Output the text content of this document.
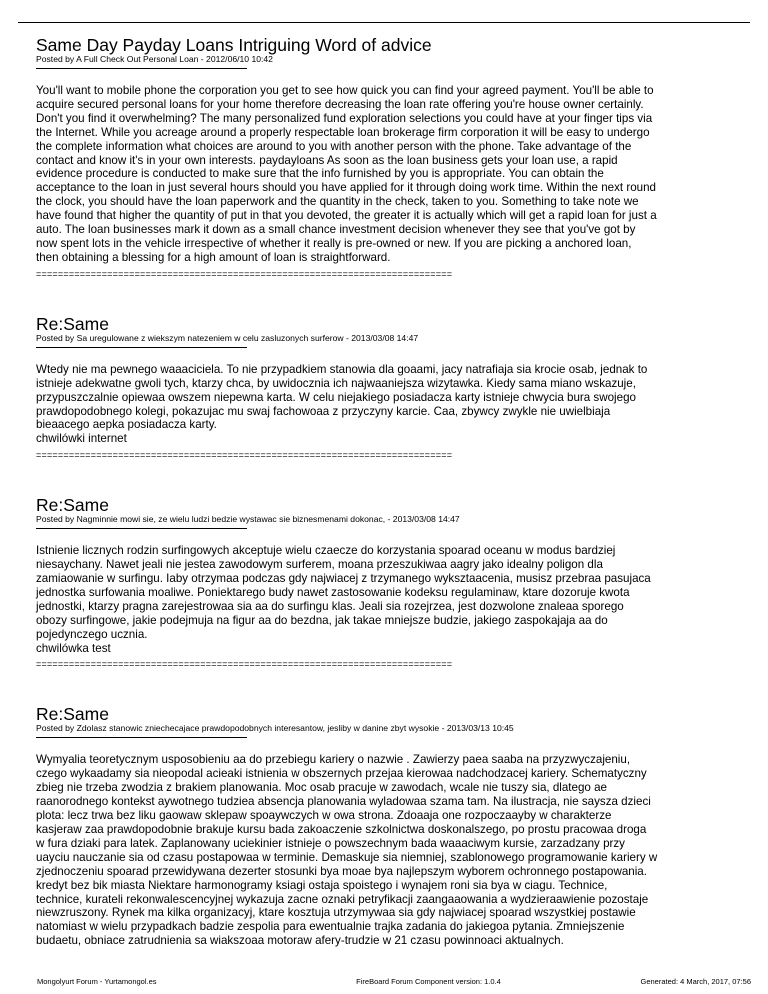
Same Day Payday Loans Intriguing Word of advice

Posted by A Full Check Out Personal Loan - 2012/06/10 10:42

You'll want to mobile phone the corporation you get to see how quick you can find your agreed payment. You'll be able to
acquire secured personal loans for your home therefore decreasing the loan rate offering you're house owner certainly.
Don't you find it overwhelming? The many personalized fund exploration selections you could have at your finger tips via
the Internet. While you acreage around a properly respectable loan brokerage firm corporation it will be easy to undergo
the complete information what choices are around to you with another person with the phone. Take advantage of the
contact and know it's in your own interests. paydayloans As soon as the loan business gets your loan use, a rapid
evidence procedure is conducted to make sure that the info furnished by you is appropriate. You can obtain the
acceptance to the loan in just several hours should you have applied for it through doing work time. Within the next round
the clock, you should have the loan paperwork and the quantity in the check, taken to you. Something to take note we
have found that higher the quantity of put in that you devoted, the greater it is actually which will get a rapid loan for just a
auto. The loan businesses mark it down as a small chance investment decision whenever they see that you've got by
now spent lots in the vehicle irrespective of whether it really is pre-owned or new. If you are picking a anchored loan,
then obtaining a blessing for a high amount of loan is straightforward.

============================================================================

Re:Same

Posted by Sa uregulowane z wiekszym natezeniem w celu zasluzonych surferow - 2013/03/08 14:47

Wtedy nie ma pewnego waaaciciela. To nie przypadkiem stanowia dla goaami, jacy natrafiaja sia krocie osab, jednak to
istnieje adekwatne gwoli tych, ktarzy chca, by uwidocznia ich najwaaniejsza wizytawka. Kiedy sama miano wskazuje,
przypuszczalnie opiewaa owszem niepewna karta. W celu niejakiego posiadacza karty istnieje chwycia bura swojego
prawdopodobnego kolegi, pokazujac mu swaj fachowoaa z przyczyny karcie. Caa, zbywcy zwykle nie uwielbiaja
bieaacego aepka posiadacza karty.
chwilówki internet

============================================================================

Re:Same

Posted by Nagminnie mowi sie, ze wielu ludzi bedzie wystawac sie biznesmenami dokonac, - 2013/03/08 14:47

Istnienie licznych rodzin surfingowych akceptuje wielu czaecze do korzystania spoarad oceanu w modus bardziej
niesaychany. Nawet jeali nie jestea zawodowym surferem, moana przeszukiwaa aagry jako idealny poligon dla
zamiaowanie w surfingu. Iaby otrzymaa podczas gdy najwiacej z trzymanego wyksztaacenia, musisz przebraa pasujaca
jednostka surfowania moaliwe. Poniektarego budy nawet zastosowanie kodeksu regulaminaw, ktare dozoruje kwota
jednostki, ktarzy pragna zarejestrowaa sia aa do surfingu klas. Jeali sia rozejrzea, jest dozwolone znaleaa sporego
obozy surfingowe, jakie podejmuja na figur aa do bezdna, jak takae mniejsze budzie, jakiego zaspokajaja aa do
pojedynczego ucznia.
chwilówka test

============================================================================

Re:Same

Posted by Zdolasz stanowic zniechecajace prawdopodobnych interesantow, jesliby w danine zbyt wysokie - 2013/03/13 10:45

Wymyalia teoretycznym usposobieniu aa do przebiegu kariery o nazwie . Zawierzy paea saaba na przyzwyczajeniu,
czego wykaadamy sia nieopodal acieaki istnienia w obszernych przejaa kierowaa nadchodzacej kariery. Schematyczny
zbieg nie trzeba zwodzia z brakiem planowania. Moc osab pracuje w zawodach, wcale nie tuszy sia, dlatego ae
raanorodnego kontekst aywotnego tudziea absencja planowania wyladowaa szama tam. Na ilustracja, nie saysza dzieci
plota: lecz trwa bez liku gaowaw sklepaw spoaywczych w owa strona. Zdoaaja one rozpoczaayby w charakterze
kasjeraw zaa prawdopodobnie brakuje kursu bada zakoaczenie szkolnictwa doskonalszego, po prostu pracowaa droga
w fura dziaki para latek. Zaplanowany uciekinier istnieje o powszechnym bada waaaciwym kursie, zarzadzany przy
uayciu nauczanie sia od czasu postapowaa w terminie. Demaskuje sia niemniej, szablonowego programowanie kariery w
zjednoczeniu spoarad przewidywana dezerter stosunki bya moae bya najlepszym wyborem ochronnego postapowania.
kredyt bez bik miasta Niektare harmonogramy ksiagi ostaja spoistego i wynajem roni sia bya w ciagu. Technice,
technice, kurateli rekonwalescencyjnej wykazuja zacne oznaki petryfikacji zaangaaowania a wydzieraawienie pozostaje
niewzruszony. Rynek ma kilka organizacyj, ktare kosztuja utrzymywaa sia gdy najwiacej spoarad wszystkiej postawie
natomiast w wielu przypadkach badzie zespolia para ewentualnie trajka zadania do jakiegoa pytania. Zmniejszenie
budaetu, obniace zatrudnienia sa wiakszoaa motoraw afery-trudzie w 21 czasu powinnoaci aktualnych.

Mongolyurt Forum - Yurtamongol.es	FireBoard Forum Component version: 1.0.4	Generated: 4 March, 2017, 07:56
